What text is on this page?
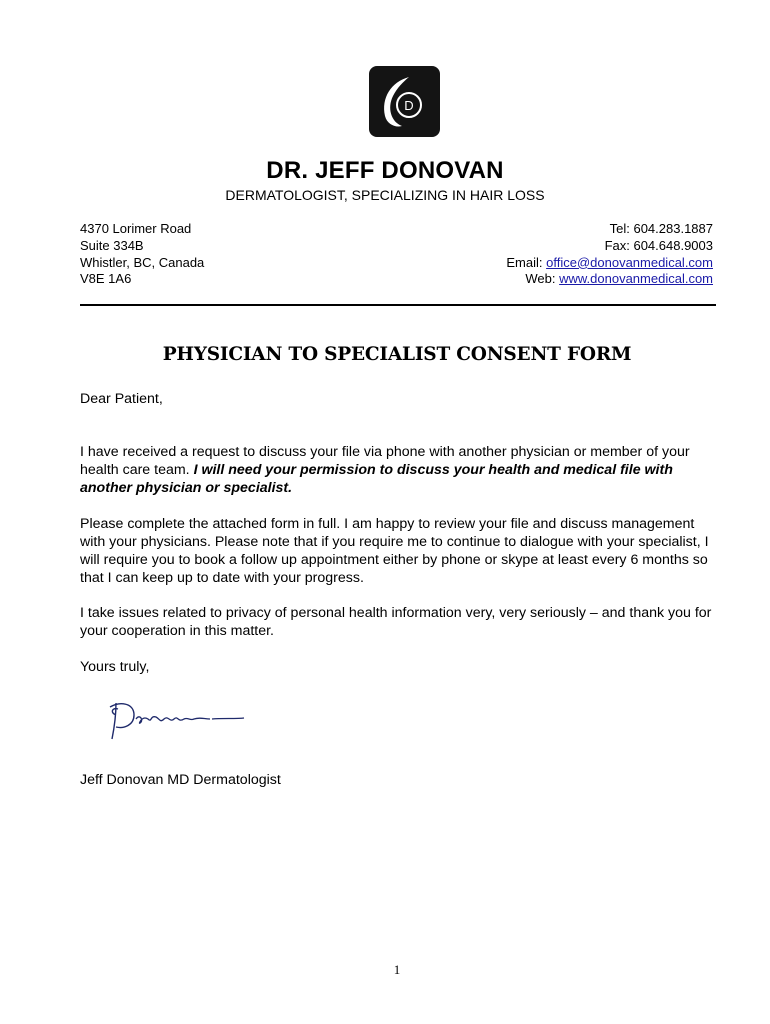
D
DR. JEFF DONOVAN
DERMATOLOGIST, SPECIALIZING IN HAIR LOSS
4370 Lorimer Road
Suite 334B
Whistler, BC, Canada
V8E 1A6
Tel: 604.283.1887
Fax: 604.648.9003
Email: office@donovanmedical.com
Web: www.donovanmedical.com
PHYSICIAN TO SPECIALIST CONSENT FORM
Dear Patient,
I have received a request to discuss your file via phone with another physician or member of your health care team. I will need your permission to discuss your health and medical file with another physician or specialist.
Please complete the attached form in full. I am happy to review your file and discuss management with your physicians. Please note that if you require me to continue to dialogue with your specialist, I will require you to book a follow up appointment either by phone or skype at least every 6 months so that I can keep up to date with your progress.
I take issues related to privacy of personal health information very, very seriously – and thank you for your cooperation in this matter.
Yours truly,
Jeff Donovan MD Dermatologist
1
